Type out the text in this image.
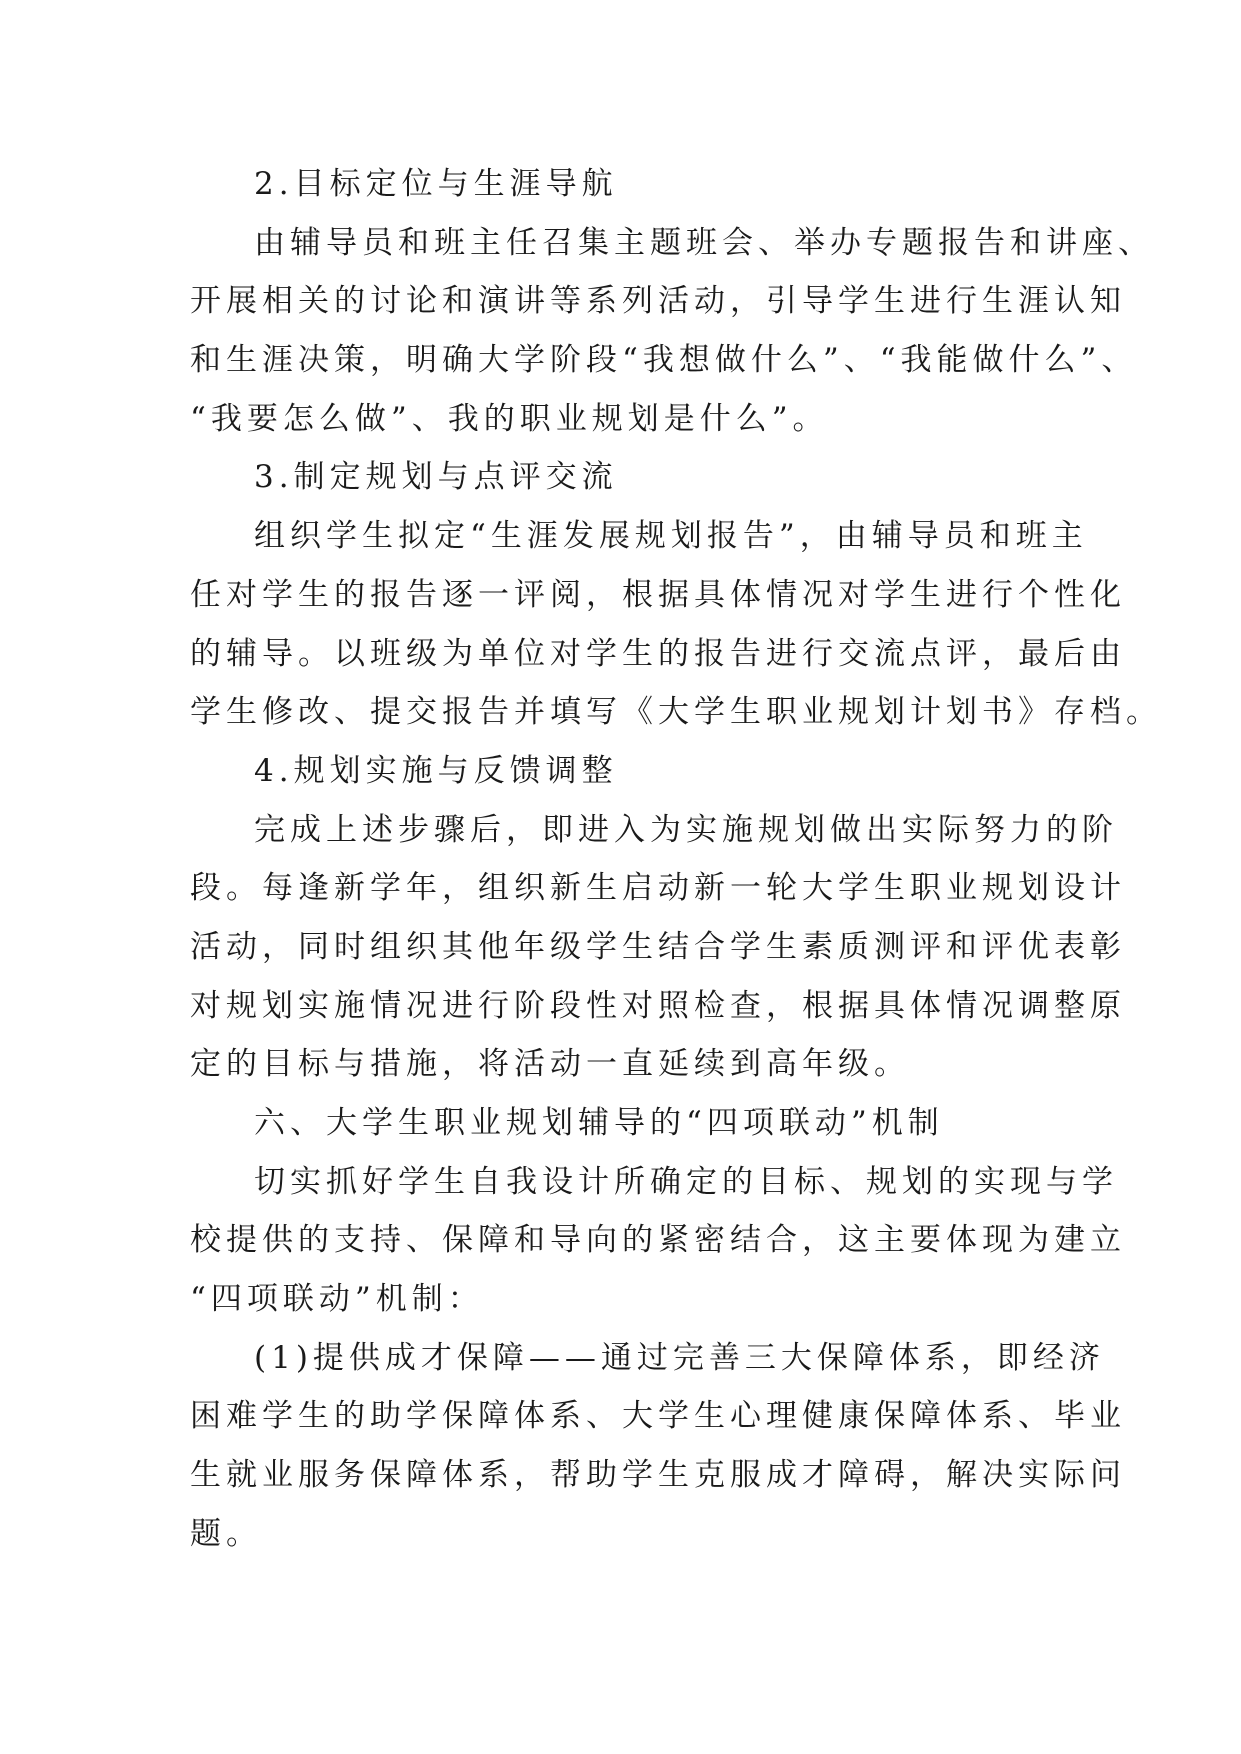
2.目标定位与生涯导航
由辅导员和班主任召集主题班会、举办专题报告和讲座、
开展相关的讨论和演讲等系列活动，引导学生进行生涯认知
和生涯决策，明确大学阶段“我想做什么”、“我能做什么”、
“我要怎么做”、我的职业规划是什么”。
3.制定规划与点评交流
组织学生拟定“生涯发展规划报告”，由辅导员和班主
任对学生的报告逐一评阅，根据具体情况对学生进行个性化
的辅导。以班级为单位对学生的报告进行交流点评，最后由
学生修改、提交报告并填写《大学生职业规划计划书》存档。
4.规划实施与反馈调整
完成上述步骤后，即进入为实施规划做出实际努力的阶
段。每逢新学年，组织新生启动新一轮大学生职业规划设计
活动，同时组织其他年级学生结合学生素质测评和评优表彰
对规划实施情况进行阶段性对照检查，根据具体情况调整原
定的目标与措施，将活动一直延续到高年级。
六、大学生职业规划辅导的“四项联动”机制
切实抓好学生自我设计所确定的目标、规划的实现与学
校提供的支持、保障和导向的紧密结合，这主要体现为建立
“四项联动”机制：
(1)提供成才保障——通过完善三大保障体系，即经济
困难学生的助学保障体系、大学生心理健康保障体系、毕业
生就业服务保障体系，帮助学生克服成才障碍，解决实际问
题。
